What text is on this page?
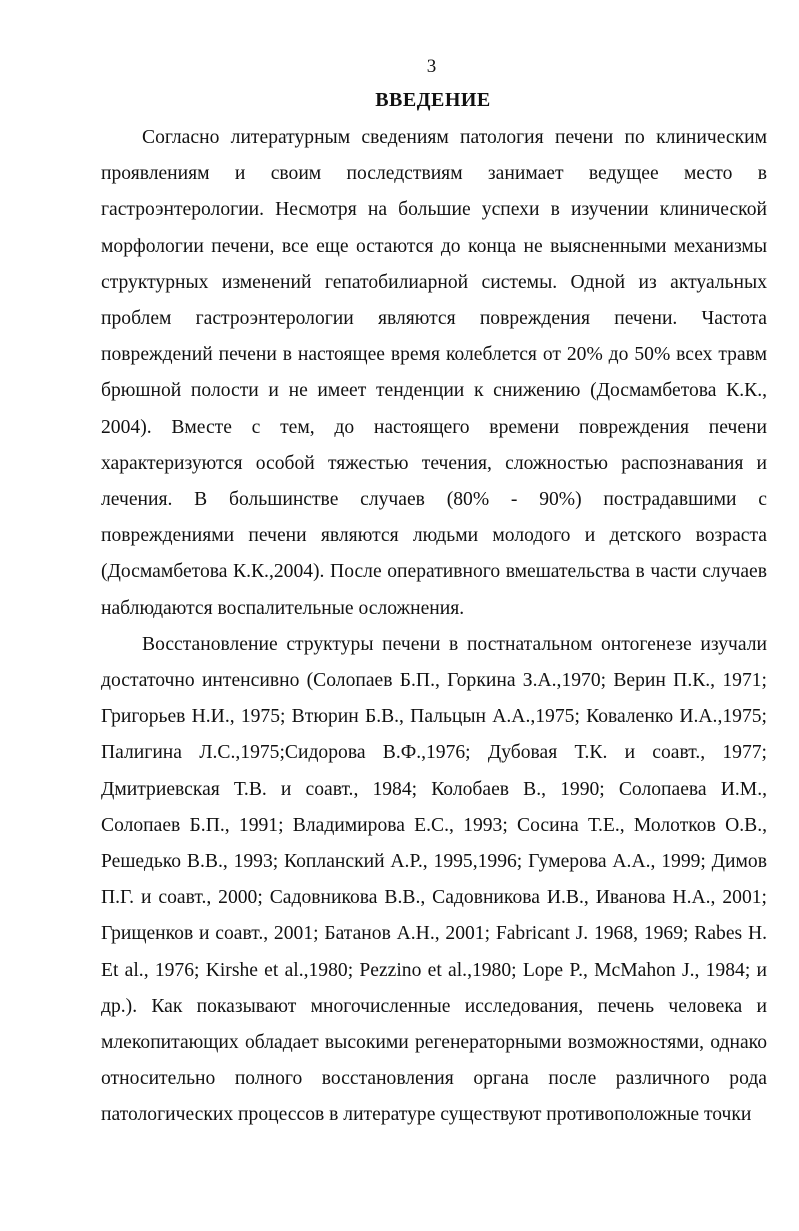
3
ВВЕДЕНИЕ

Согласно литературным сведениям патология печени по клиническим проявлениям и своим последствиям занимает ведущее место в гастроэнтерологии. Несмотря на большие успехи в изучении клинической морфологии печени, все еще остаются до конца не выясненными механизмы структурных изменений гепатобилиарной системы. Одной из актуальных проблем гастроэнтерологии являются повреждения печени. Частота повреждений печени в настоящее время колеблется от 20% до 50% всех травм брюшной полости и не имеет тенденции к снижению (Досмамбетова К.К., 2004). Вместе с тем, до настоящего времени повреждения печени характеризуются особой тяжестью течения, сложностью распознавания и лечения. В большинстве случаев (80% - 90%) пострадавшими с повреждениями печени являются людьми молодого и детского возраста (Досмамбетова К.К.,2004). После оперативного вмешательства в части случаев наблюдаются воспалительные осложнения.

Восстановление структуры печени в постнатальном онтогенезе изучали достаточно интенсивно (Солопаев Б.П., Горкина З.А.,1970; Верин П.К., 1971; Григорьев Н.И., 1975; Втюрин Б.В., Пальцын А.А.,1975; Коваленко И.А.,1975; Палигина Л.С.,1975;Сидорова В.Ф.,1976; Дубовая Т.К. и соавт., 1977; Дмитриевская Т.В. и соавт., 1984; Колобаев В., 1990; Солопаева И.М., Солопаев Б.П., 1991; Владимирова Е.С., 1993; Сосина Т.Е., Молотков О.В., Решедько В.В., 1993; Копланский А.Р., 1995,1996; Гумерова А.А., 1999; Димов П.Г. и соавт., 2000; Садовникова В.В., Садовникова И.В., Иванова Н.А., 2001; Грищенков и соавт., 2001; Батанов А.Н., 2001; Fabricant J. 1968, 1969; Rabes H. Et al., 1976; Kirshe et al.,1980; Pezzino et al.,1980; Lope P., McMahon J., 1984; и др.). Как показывают многочисленные исследования, печень человека и млекопитающих обладает высокими регенераторными возможностями, однако относительно полного восстановления органа после различного рода патологических процессов в литературе существуют противоположные точки
